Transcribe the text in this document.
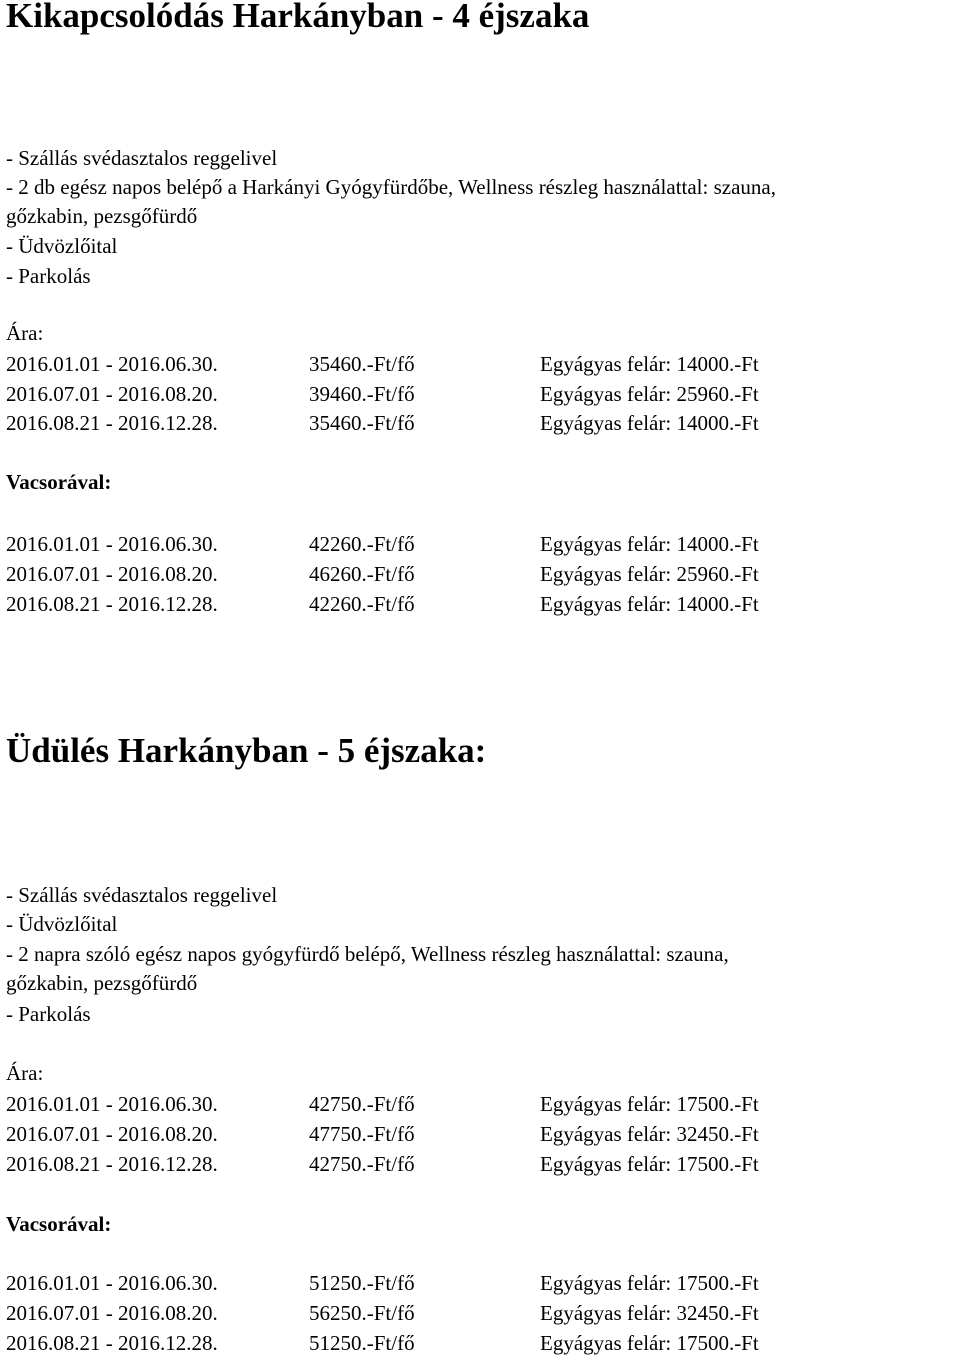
Kikapcsolódás Harkányban - 4 éjszaka
- Szállás svédasztalos reggelivel
- 2 db egész napos belépő a Harkányi Gyógyfürdőbe, Wellness részleg használattal: szauna,
gőzkabin, pezsgőfürdő
- Üdvözlőital
- Parkolás
Ára:
2016.01.01 - 2016.06.30.	35460.-Ft/fő	Egyágyas felár: 14000.-Ft
2016.07.01 - 2016.08.20.	39460.-Ft/fő	Egyágyas felár: 25960.-Ft
2016.08.21 - 2016.12.28.	35460.-Ft/fő	Egyágyas felár: 14000.-Ft
Vacsorával:
2016.01.01 - 2016.06.30.	42260.-Ft/fő	Egyágyas felár: 14000.-Ft
2016.07.01 - 2016.08.20.	46260.-Ft/fő	Egyágyas felár: 25960.-Ft
2016.08.21 - 2016.12.28.	42260.-Ft/fő	Egyágyas felár: 14000.-Ft
Üdülés Harkányban - 5 éjszaka:
- Szállás svédasztalos reggelivel
- Üdvözlőital
- 2 napra szóló egész napos gyógyfürdő belépő, Wellness részleg használattal: szauna,
gőzkabin, pezsgőfürdő
- Parkolás
Ára:
2016.01.01 - 2016.06.30.	42750.-Ft/fő	Egyágyas felár: 17500.-Ft
2016.07.01 - 2016.08.20.	47750.-Ft/fő	Egyágyas felár: 32450.-Ft
2016.08.21 - 2016.12.28.	42750.-Ft/fő	Egyágyas felár: 17500.-Ft
Vacsorával:
2016.01.01 - 2016.06.30.	51250.-Ft/fő	Egyágyas felár: 17500.-Ft
2016.07.01 - 2016.08.20.	56250.-Ft/fő	Egyágyas felár: 32450.-Ft
2016.08.21 - 2016.12.28.	51250.-Ft/fő	Egyágyas felár: 17500.-Ft
